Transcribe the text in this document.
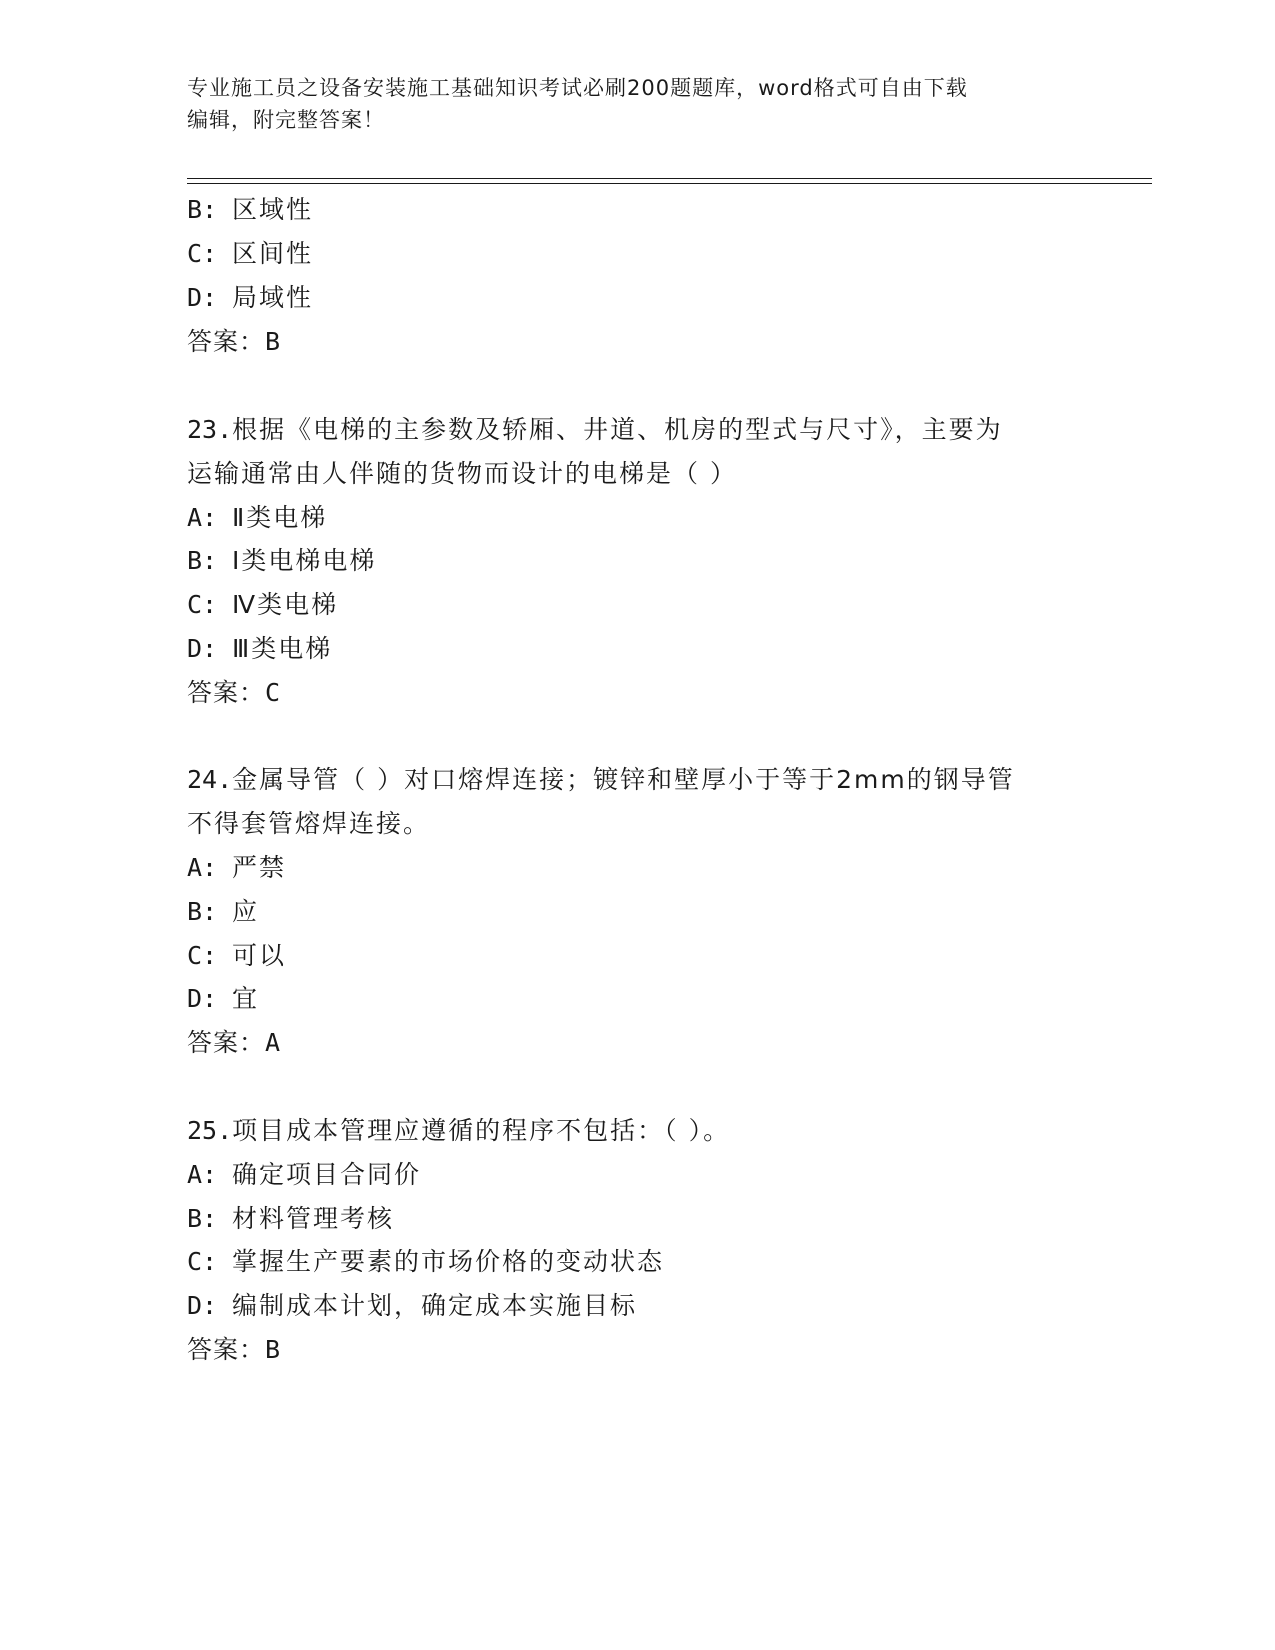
专业施工员之设备安装施工基础知识考试必刷200题题库，word格式可自由下载
编辑，附完整答案！
B: 区域性
C: 区间性
D: 局域性
答案：B
23.根据《电梯的主参数及轿厢、井道、机房的型式与尺寸》，主要为
运输通常由人伴随的货物而设计的电梯是（ ）
A: Ⅱ类电梯
B: Ⅰ类电梯电梯
C: Ⅳ类电梯
D: Ⅲ类电梯
答案：C
24.金属导管（ ）对口熔焊连接；镀锌和壁厚小于等于2mm的钢导管
不得套管熔焊连接。
A: 严禁
B: 应
C: 可以
D: 宜
答案：A
25.项目成本管理应遵循的程序不包括：（ ）。
A: 确定项目合同价
B: 材料管理考核
C: 掌握生产要素的市场价格的变动状态
D: 编制成本计划，确定成本实施目标
答案：B
